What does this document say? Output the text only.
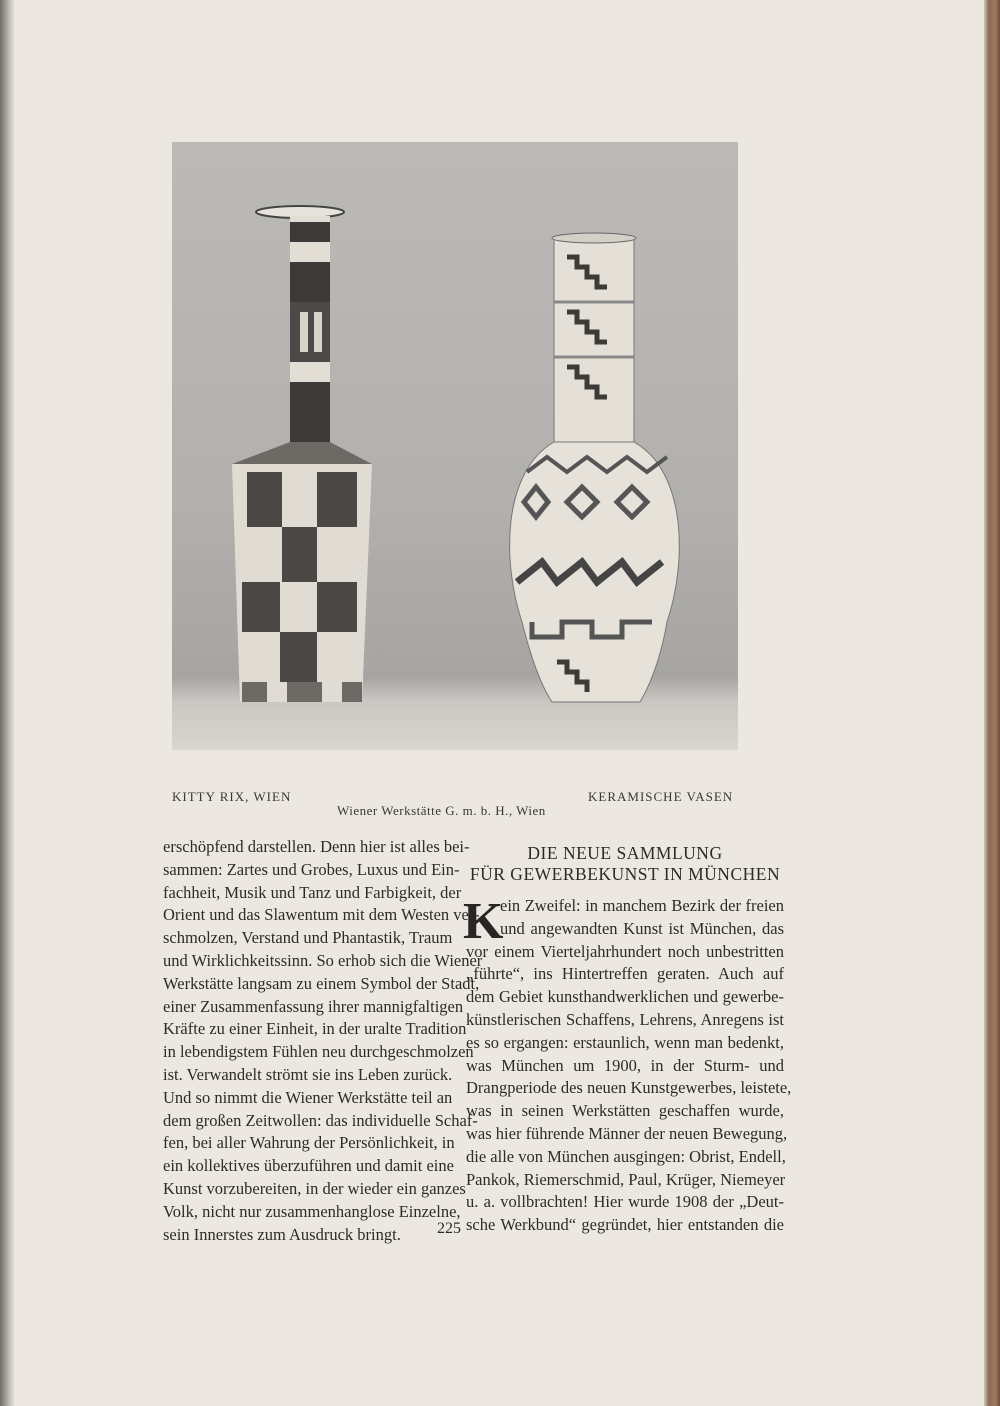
KITTY RIX, WIEN	KERAMISCHE VASEN
Wiener Werkstätte G. m. b. H., Wien
erschöpfend darstellen. Denn hier ist alles bei-
sammen: Zartes und Grobes, Luxus und Ein-
fachheit, Musik und Tanz und Farbigkeit, der
Orient und das Slawentum mit dem Westen ver-
schmolzen, Verstand und Phantastik, Traum
und Wirklichkeitssinn. So erhob sich die Wiener
Werkstätte langsam zu einem Symbol der Stadt,
einer Zusammenfassung ihrer mannigfaltigen
Kräfte zu einer Einheit, in der uralte Tradition
in lebendigstem Fühlen neu durchgeschmolzen
ist. Verwandelt strömt sie ins Leben zurück.
Und so nimmt die Wiener Werkstätte teil an
dem großen Zeitwollen: das individuelle Schaf-
fen, bei aller Wahrung der Persönlichkeit, in
ein kollektives überzuführen und damit eine
Kunst vorzubereiten, in der wieder ein ganzes
Volk, nicht nur zusammenhanglose Einzelne,
sein Innerstes zum Ausdruck bringt.
DIE NEUE SAMMLUNG
FÜR GEWERBEKUNST IN MÜNCHEN
K
ein Zweifel: in manchem Bezirk der freien
und angewandten Kunst ist München, das
vor einem Vierteljahrhundert noch unbestritten
„führte“, ins Hintertreffen geraten. Auch auf
dem Gebiet kunsthandwerklichen und gewerbe-
künstlerischen Schaffens, Lehrens, Anregens ist
es so ergangen: erstaunlich, wenn man bedenkt,
was München um 1900, in der Sturm- und
Drangperiode des neuen Kunstgewerbes, leistete,
was in seinen Werkstätten geschaffen wurde,
was hier führende Männer der neuen Bewegung,
die alle von München ausgingen: Obrist, Endell,
Pankok, Riemerschmid, Paul, Krüger, Niemeyer
u. a. vollbrachten! Hier wurde 1908 der „Deut-
sche Werkbund“ gegründet, hier entstanden die
225
